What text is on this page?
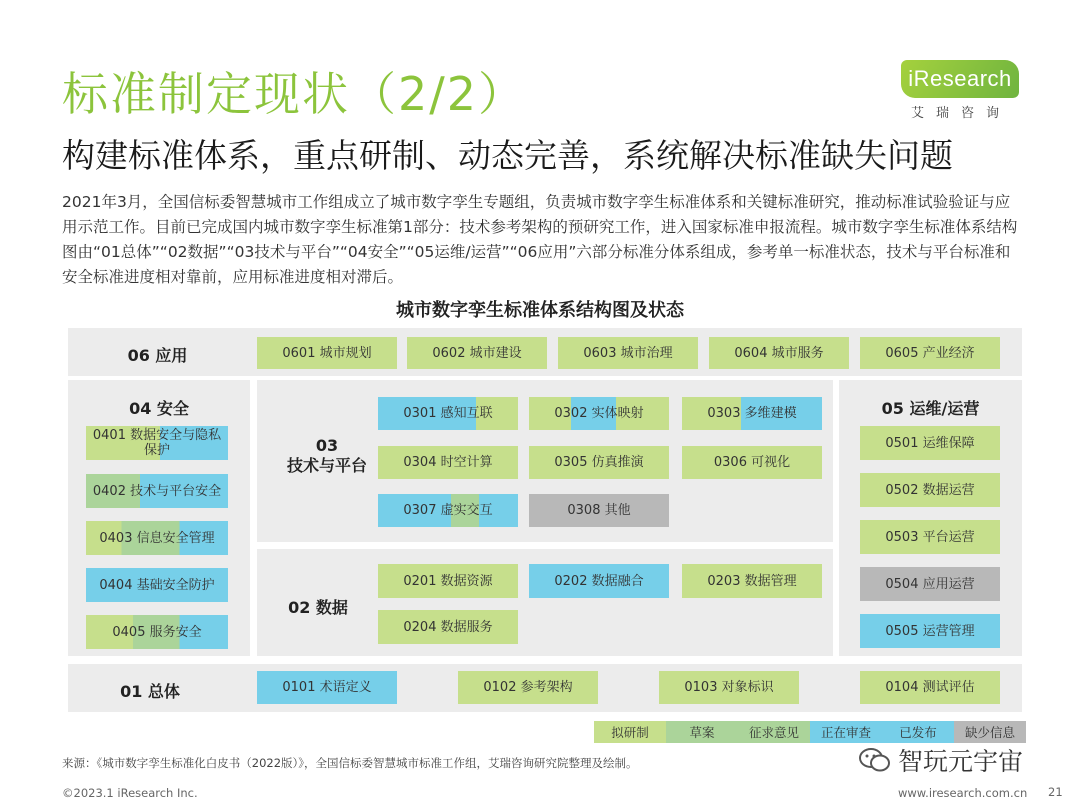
标准制定现状（2/2）
构建标准体系，重点研制、动态完善，系统解决标准缺失问题
iResearch
艾瑞咨询
2021年3月，全国信标委智慧城市工作组成立了城市数字孪生专题组，负责城市数字孪生标准体系和关键标准研究，推动标准试验验证与应用示范工作。目前已完成国内城市数字孪生标准第1部分：技术参考架构的预研究工作，进入国家标准申报流程。城市数字孪生标准体系结构图由“01总体”“02数据”“03技术与平台”“04安全”“05运维/运营”“06应用”六部分标准分体系组成，参考单一标准状态，技术与平台标准和安全标准进度相对靠前，应用标准进度相对滞后。
城市数字孪生标准体系结构图及状态
06 应用	0601 城市规划	0602 城市建设	0603 城市治理	0604 城市服务	0605 产业经济
04 安全
0401 数据安全与隐私保护
0402 技术与平台安全
0403 信息安全管理
0404 基础安全防护
0405 服务安全
03
技术与平台
0301 感知互联	0302 实体映射	0303 多维建模
0304 时空计算	0305 仿真推演	0306 可视化
0307 虚实交互	0308 其他
02 数据
0201 数据资源	0202 数据融合	0203 数据管理
0204 数据服务
05 运维/运营
0501 运维保障
0502 数据运营
0503 平台运营
0504 应用运营
0505 运营管理
01 总体	0101 术语定义	0102 参考架构	0103 对象标识	0104 测试评估
拟研制	草案	征求意见	正在审查	已发布	缺少信息
来源：《城市数字孪生标准化白皮书（2022版）》，全国信标委智慧城市标准工作组，艾瑞咨询研究院整理及绘制。	智玩元宇宙
©2023.1 iResearch Inc.	www.iresearch.com.cn 21
